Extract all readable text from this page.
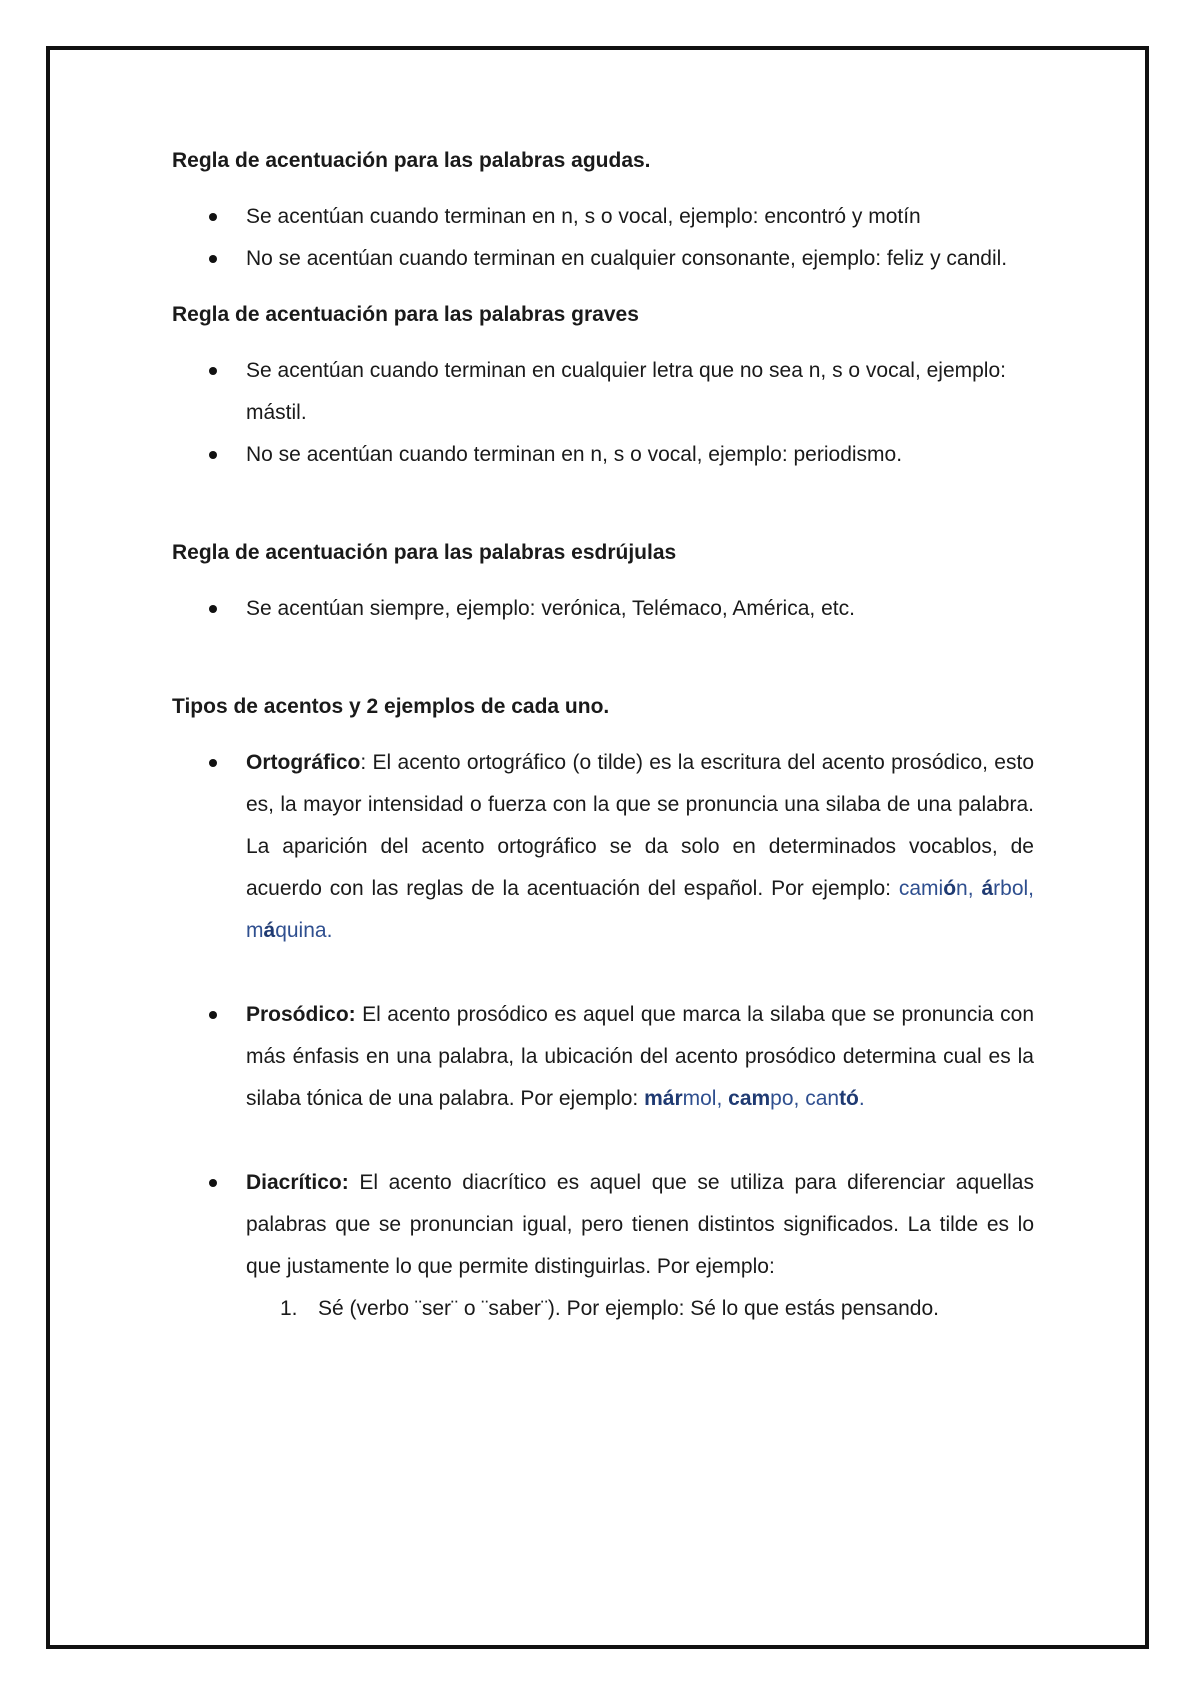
Regla de acentuación para las palabras agudas.
Se acentúan cuando terminan en n, s o vocal, ejemplo: encontró y motín
No se acentúan cuando terminan en cualquier consonante, ejemplo: feliz y candil.
Regla de acentuación para las palabras graves
Se acentúan cuando terminan en cualquier letra que no sea n, s o vocal, ejemplo: mástil.
No se acentúan cuando terminan en n, s o vocal, ejemplo: periodismo.
Regla de acentuación para las palabras esdrújulas
Se acentúan siempre, ejemplo: verónica, Telémaco, América, etc.
Tipos de acentos y 2 ejemplos de cada uno.
Ortográfico: El acento ortográfico (o tilde) es la escritura del acento prosódico, esto es, la mayor intensidad o fuerza con la que se pronuncia una silaba de una palabra. La aparición del acento ortográfico se da solo en determinados vocablos, de acuerdo con las reglas de la acentuación del español. Por ejemplo: camión, árbol, máquina.
Prosódico: El acento prosódico es aquel que marca la silaba que se pronuncia con más énfasis en una palabra, la ubicación del acento prosódico determina cual es la silaba tónica de una palabra. Por ejemplo: mármol, campo, cantó.
Diacrítico: El acento diacrítico es aquel que se utiliza para diferenciar aquellas palabras que se pronuncian igual, pero tienen distintos significados. La tilde es lo que justamente lo que permite distinguirlas. Por ejemplo:
1. Sé (verbo ¨ser¨ o ¨saber¨). Por ejemplo: Sé lo que estás pensando.
